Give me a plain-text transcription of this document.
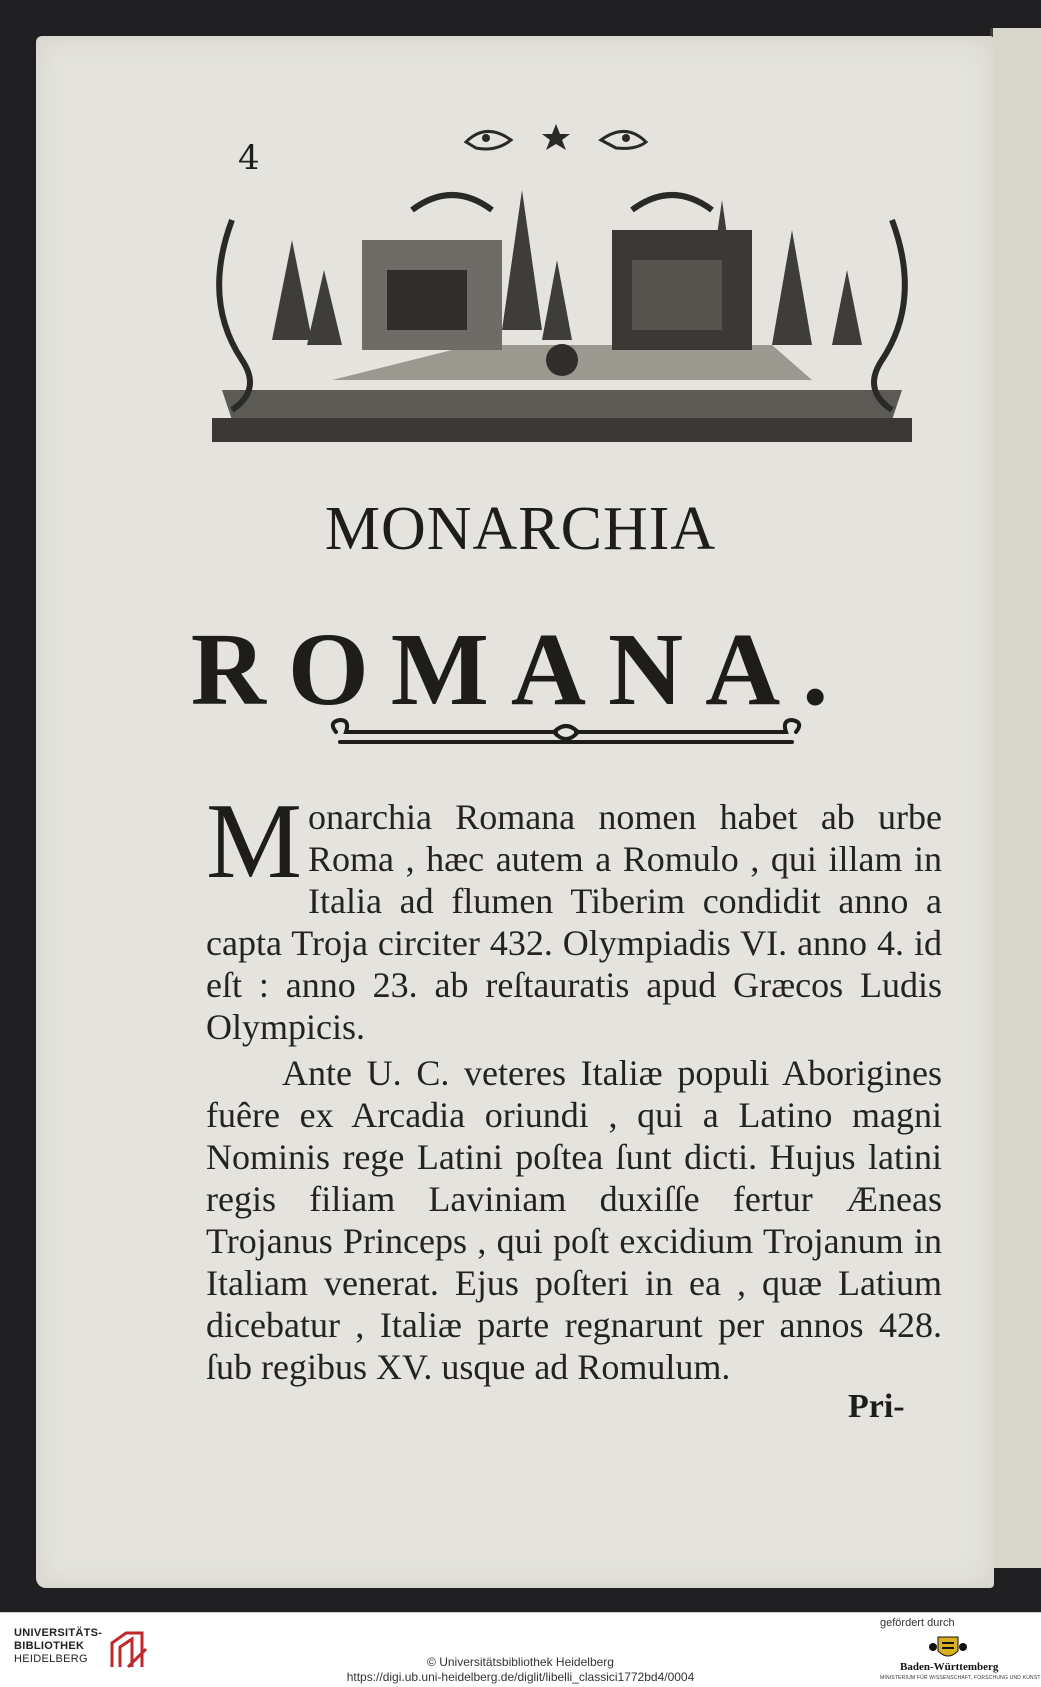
4
MONARCHIA
ROMANA.

Monarchia Romana nomen habet ab urbe Roma , hæc autem a Romulo , qui illam in Italia ad flumen Tiberim condidit anno a capta Troja circiter 432. Olympiadis VI. anno 4. id eſt : anno 23. ab reſtauratis apud Græcos Ludis Olympicis.

Ante U. C. veteres Italiæ populi Aborigines fuêre ex Arcadia oriundi , qui a Latino magni Nominis rege Latini poſtea ſunt dicti. Hujus latini regis filiam Laviniam duxiſſe fertur Æneas Trojanus Princeps , qui poſt excidium Trojanum in Italiam venerat. Ejus poſteri in ea , quæ Latium dicebatur , Italiæ parte regnarunt per annos 428. ſub regibus XV. usque ad Romulum.

Pri-
UNIVERSITÄTS-
BIBLIOTHEK
HEIDELBERG	© Universitätsbibliothek Heidelberg
https://digi.ub.uni-heidelberg.de/diglit/libelli_classici1772bd4/0004
gefördert durch
Baden-Württemberg
MINISTERIUM FÜR WISSENSCHAFT, FORSCHUNG UND KUNST
